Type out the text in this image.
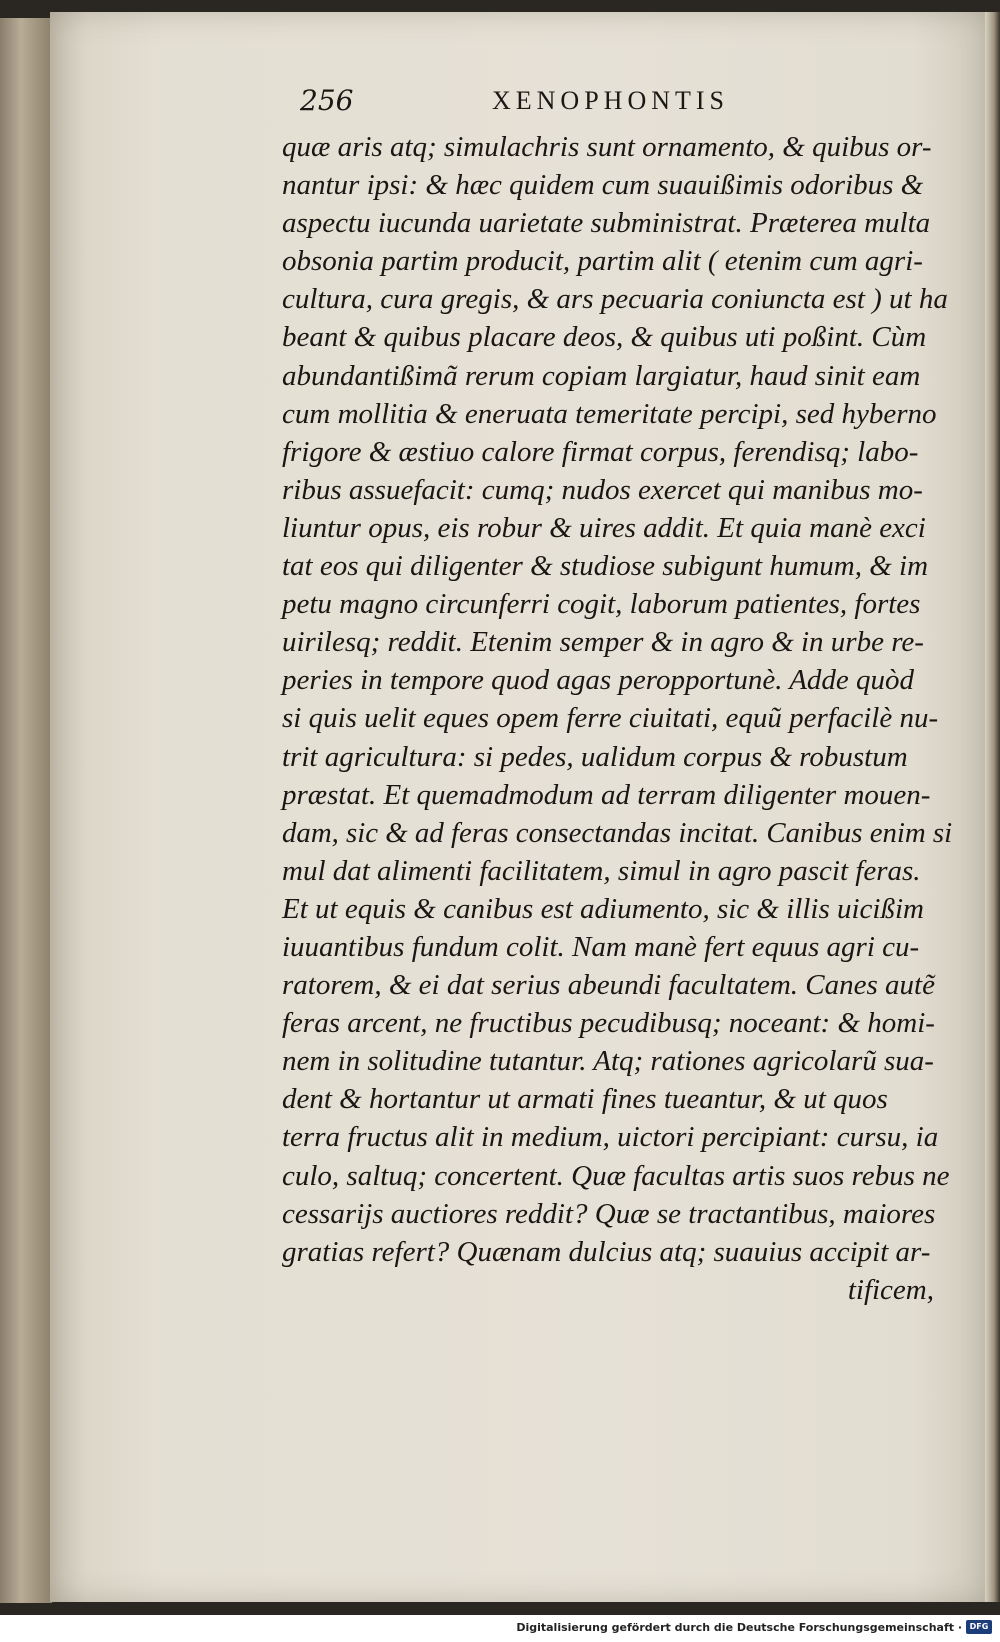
256	XENOPHONTIS
quæ aris atq; simulachris sunt ornamento, & quibus or-
nantur ipsi: & hæc quidem cum suauißimis odoribus &
aspectu iucunda uarietate subministrat. Præterea multa
obsonia partim producit, partim alit ( etenim cum agri-
cultura, cura gregis, & ars pecuaria coniuncta est ) ut ha
beant & quibus placare deos, & quibus uti poßint. Cùm
abundantißimã rerum copiam largiatur, haud sinit eam
cum mollitia & eneruata temeritate percipi, sed hyberno
frigore & æstiuo calore firmat corpus, ferendisq; labo-
ribus assuefacit: cumq; nudos exercet qui manibus mo-
liuntur opus, eis robur & uires addit. Et quia manè exci
tat eos qui diligenter & studiose subigunt humum, & im
petu magno circunferri cogit, laborum patientes, fortes
uirilesq; reddit. Etenim semper & in agro & in urbe re-
peries in tempore quod agas peropportunè. Adde quòd
si quis uelit eques opem ferre ciuitati, equũ perfacilè nu-
trit agricultura: si pedes, ualidum corpus & robustum
præstat. Et quemadmodum ad terram diligenter mouen-
dam, sic & ad feras consectandas incitat. Canibus enim si
mul dat alimenti facilitatem, simul in agro pascit feras.
Et ut equis & canibus est adiumento, sic & illis uicißim
iuuantibus fundum colit. Nam manè fert equus agri cu-
ratorem, & ei dat serius abeundi facultatem. Canes autẽ
feras arcent, ne fructibus pecudibusq; noceant: & homi-
nem in solitudine tutantur. Atq; rationes agricolarũ sua-
dent & hortantur ut armati fines tueantur, & ut quos
terra fructus alit in medium, uictori percipiant: cursu, ia
culo, saltuq; concertent. Quæ facultas artis suos rebus ne
cessarijs auctiores reddit? Quæ se tractantibus, maiores
gratias refert? Quænam dulcius atq; suauius accipit ar-
tificem,
Digitalisierung gefördert durch die Deutsche Forschungsgemeinschaft · DFG
